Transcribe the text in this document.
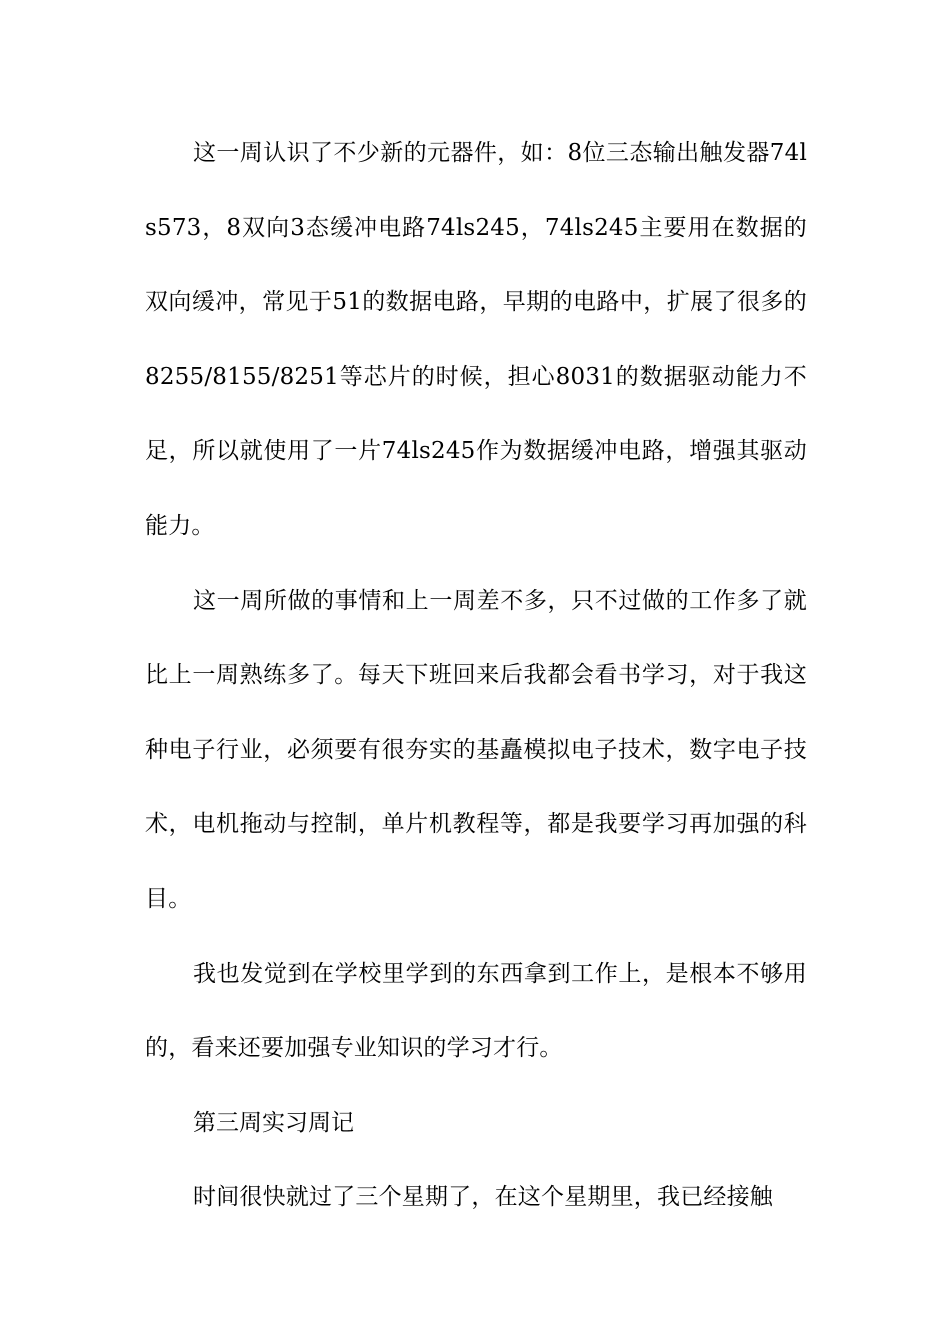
这一周认识了不少新的元器件，如：8位三态输出触发器74ls573，8双向3态缓冲电路74ls245，74ls245主要用在数据的双向缓冲，常见于51的数据电路，早期的电路中，扩展了很多的8255/8155/8251等芯片的时候，担心8031的数据驱动能力不足，所以就使用了一片74ls245作为数据缓冲电路，增强其驱动能力。

这一周所做的事情和上一周差不多，只不过做的工作多了就比上一周熟练多了。每天下班回来后我都会看书学习，对于我这种电子行业，必须要有很夯实的基矗模拟电子技术，数字电子技术，电机拖动与控制，单片机教程等，都是我要学习再加强的科目。

我也发觉到在学校里学到的东西拿到工作上，是根本不够用的，看来还要加强专业知识的学习才行。

第三周实习周记

时间很快就过了三个星期了，在这个星期里，我已经接触
